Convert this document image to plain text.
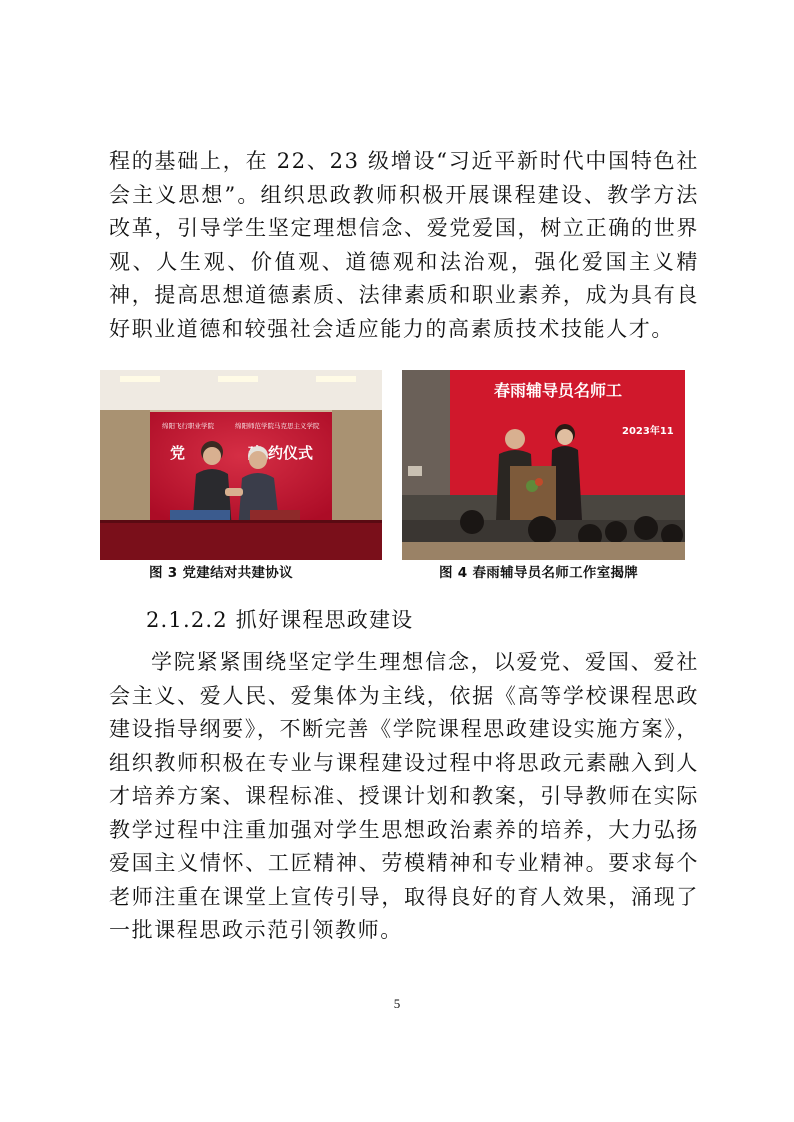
程的基础上，在 22、23 级增设“习近平新时代中国特色社会主义思想”。组织思政教师积极开展课程建设、教学方法改革，引导学生坚定理想信念、爱党爱国，树立正确的世界观、人生观、价值观、道德观和法治观，强化爱国主义精神，提高思想道德素质、法律素质和职业素养，成为具有良好职业道德和较强社会适应能力的高素质技术技能人才。

绵阳飞行职业学院	绵阳师范学院马克思主义学院
党	约仪式
图 3 党建结对共建协议
春雨辅导员名师工
2023年11
图 4 春雨辅导员名师工作室揭牌

2.1.2.2 抓好课程思政建设

学院紧紧围绕坚定学生理想信念，以爱党、爱国、爱社会主义、爱人民、爱集体为主线，依据《高等学校课程思政建设指导纲要》，不断完善《学院课程思政建设实施方案》，组织教师积极在专业与课程建设过程中将思政元素融入到人才培养方案、课程标准、授课计划和教案，引导教师在实际教学过程中注重加强对学生思想政治素养的培养，大力弘扬爱国主义情怀、工匠精神、劳模精神和专业精神。要求每个老师注重在课堂上宣传引导，取得良好的育人效果，涌现了一批课程思政示范引领教师。

5
